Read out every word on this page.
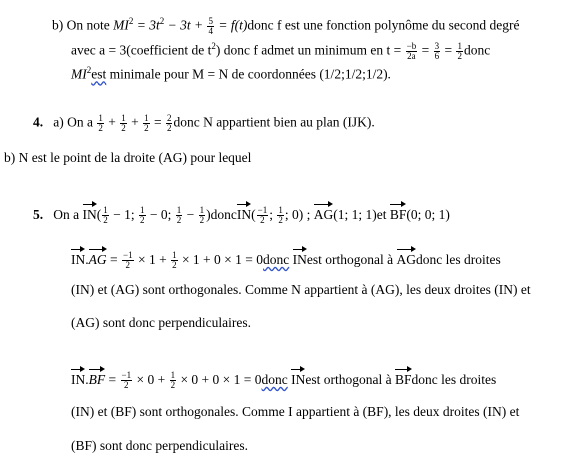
b) On note $MI^2 = 3t^2 - 3t + \frac{5}{4}$ = f(t)donc f est une fonction polynôme du second degré
avec a = 3(coefficient de $t^2$) donc f admet un minimum en $t = \frac{-b}{2a} = \frac{3}{6} = \frac{1}{2}$ donc
$MI^2est$ minimale pour M = N de coordonnées (1/2;1/2;1/2).
4. a) On a $\frac{1}{2} + \frac{1}{2} + \frac{1}{2} = \frac{2}{2}$ donc N appartient bien au plan (IJK).
b) N est le point de la droite (AG) pour lequel
5. On a $IN( \frac{1}{2} - 1$; $\frac{1}{2} - 0$; $\frac{1}{2} - \frac{1}{2}$ )doncIN( $\frac{-1}{2}$ ; $\frac{1}{2}$ ; 0) ; AG(1; 1; 1)et BF(0; 0; 1)
$IN.AG = \frac{-1}{2} \times 1 + \frac{1}{2} \times 1 + 0 \times 1$ = 0donc INest orthogonal à AGdonc les droites
(IN) et (AG) sont orthogonales. Comme N appartient à (AG), les deux droites (IN) et
(AG) sont donc perpendiculaires.
$IN.BF = \frac{-1}{2} \times 0 + \frac{1}{2} \times 0 + 0 \times 1$ = 0donc INest orthogonal à BFdonc les droites
(IN) et (BF) sont orthogonales. Comme I appartient à (BF), les deux droites (IN) et
(BF) sont donc perpendiculaires.
